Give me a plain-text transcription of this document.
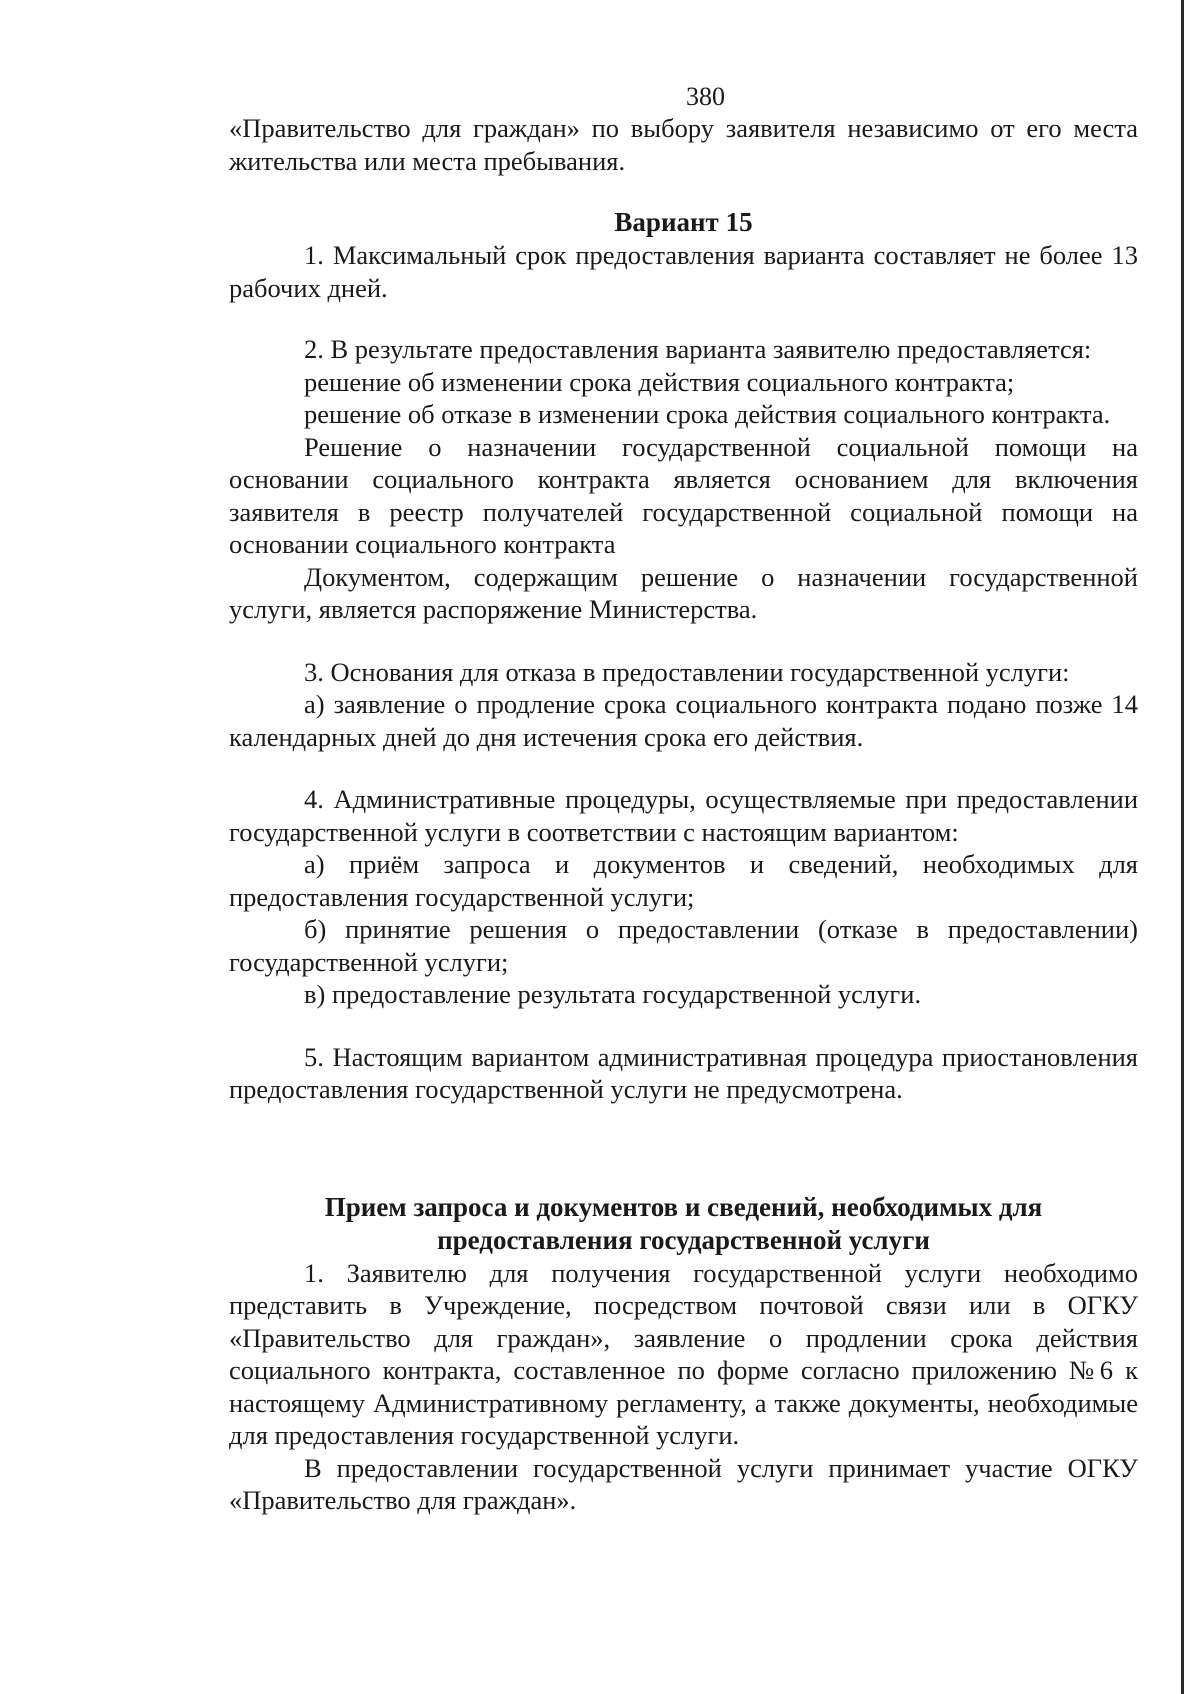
380

«Правительство для граждан» по выбору заявителя независимо от его места жительства или места пребывания.

Вариант 15

1. Максимальный срок предоставления варианта составляет не более 13 рабочих дней.

2. В результате предоставления варианта заявителю предоставляется:

решение об изменении срока действия социального контракта;

решение об отказе в изменении срока действия социального контракта.

Решение о назначении государственной социальной помощи на основании социального контракта является основанием для включения заявителя в реестр получателей государственной социальной помощи на основании социального контракта

Документом, содержащим решение о назначении государственной услуги, является распоряжение Министерства.

3. Основания для отказа в предоставлении государственной услуги:

а) заявление о продление срока социального контракта подано позже 14 календарных дней до дня истечения срока его действия.

4. Административные процедуры, осуществляемые при предоставлении государственной услуги в соответствии с настоящим вариантом:

а) приём запроса и документов и сведений, необходимых для предоставления государственной услуги;

б) принятие решения о предоставлении (отказе в предоставлении) государственной услуги;

в) предоставление результата государственной услуги.

5. Настоящим вариантом административная процедура приостановления предоставления государственной услуги не предусмотрена.

Прием запроса и документов и сведений, необходимых для

предоставления государственной услуги

1. Заявителю для получения государственной услуги необходимо представить в Учреждение, посредством почтовой связи или в ОГКУ «Правительство для граждан», заявление о продлении срока действия социального контракта, составленное по форме согласно приложению №6 к настоящему Административному регламенту, а также документы, необходимые для предоставления государственной услуги.

В предоставлении государственной услуги принимает участие ОГКУ «Правительство для граждан».
